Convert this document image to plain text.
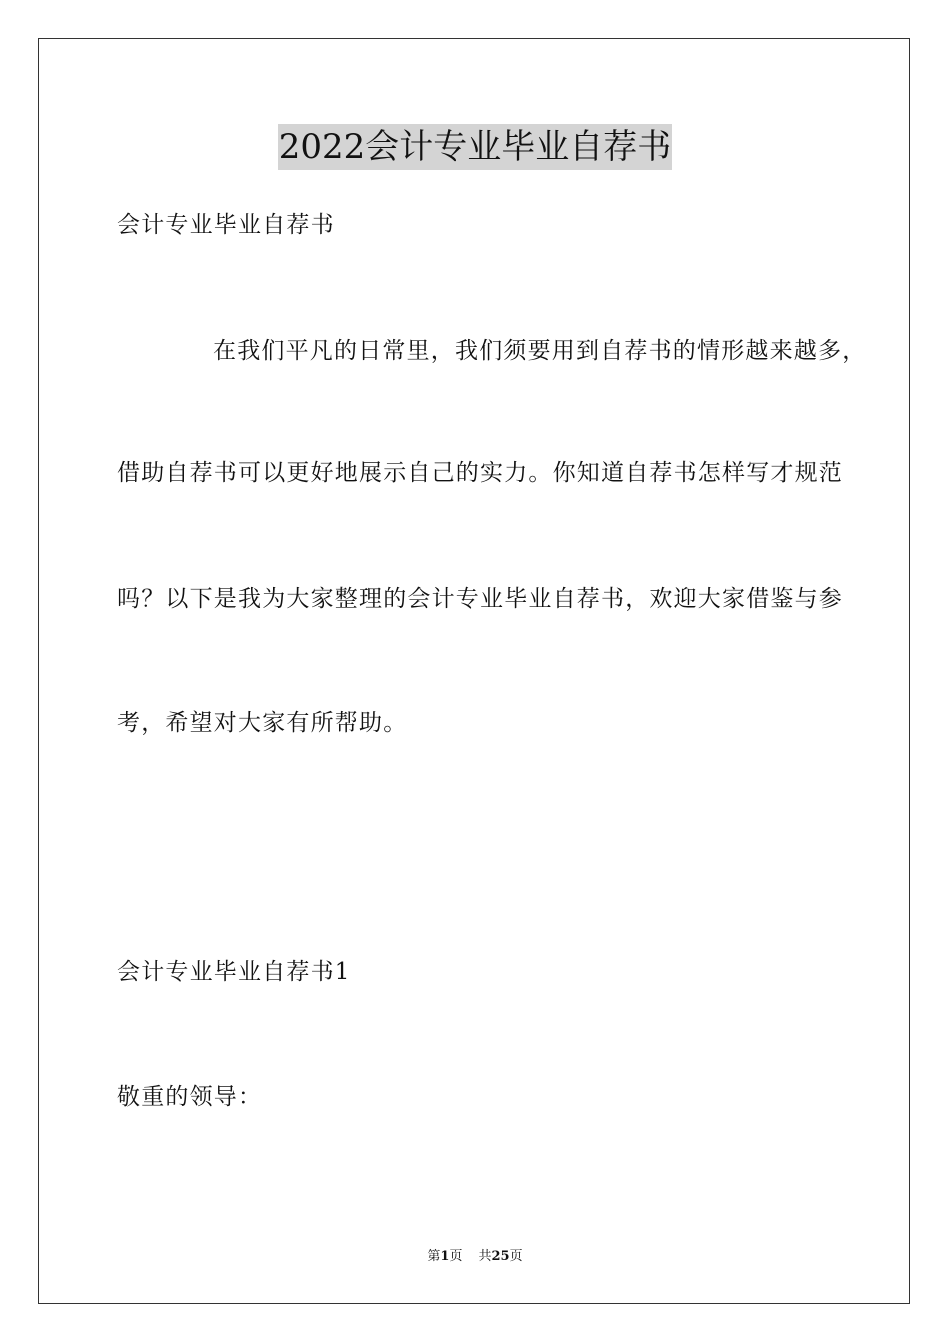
2022会计专业毕业自荐书
会计专业毕业自荐书
在我们平凡的日常里，我们须要用到自荐书的情形越来越多，
借助自荐书可以更好地展示自己的实力。你知道自荐书怎样写才规范
吗？以下是我为大家整理的会计专业毕业自荐书，欢迎大家借鉴与参
考，希望对大家有所帮助。
会计专业毕业自荐书1
敬重的领导：
第1页 共25页
